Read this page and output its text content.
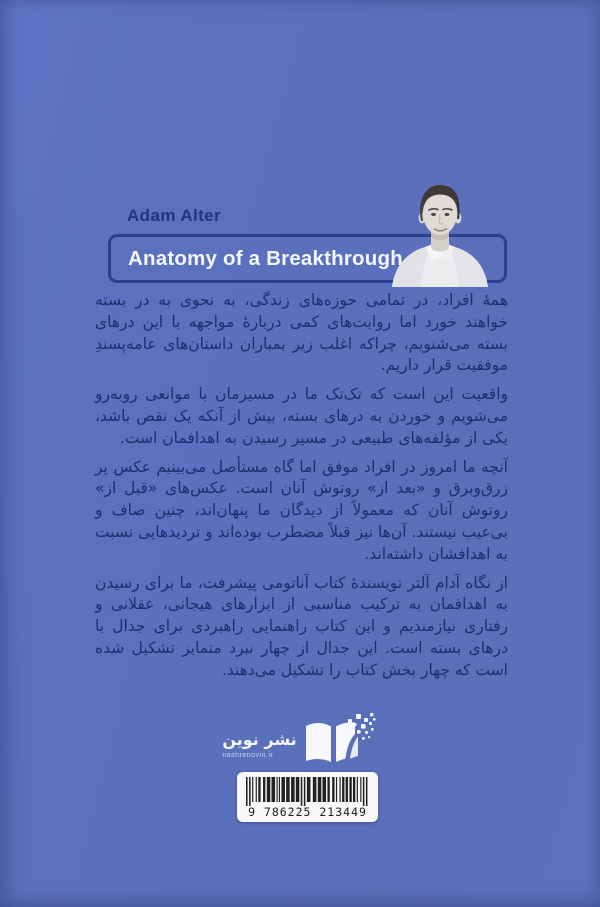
Adam Alter
Anatomy of a Breakthrough

همۀ افراد، در تمامی حوزه‌های زندگی، به نحوی به در بسته خواهند خورد اما روایت‌های کمی دربارۀ مواجهه با این درهای بسته می‌شنویم، چراکه اغلب زیر بمباران داستان‌های عامه‌پسندِ موفقیت قرار داریم.

واقعیت این است که تک‌تک ما در مسیرمان با موانعی روبه‌رو می‌شویم و خوردن به درهای بسته، بیش از آنکه یک نقص باشد، یکی از مؤلفه‌های طبیعی در مسیر رسیدن به اهدافمان است.

آنچه ما امروز در افراد موفق اما گاه مستأصل می‌بینیم عکس پر زرق‌وبرق و «بعد از» روتوش آنان است. عکس‌های «قبل از» روتوش آنان که معمولاً از دیدگان ما پنهان‌اند، چنین صاف و بی‌عیب نیستند. آن‌ها نیز قبلاً مضطرب بوده‌اند و تردیدهایی نسبت به اهدافشان داشته‌اند.

از نگاه آدام آلتر نویسندۀ کتاب آناتومی پیشرفت، ما برای رسیدن به اهدافمان به ترکیب مناسبی از ابزارهای هیجانی، عقلانی و رفتاری نیازمندیم و این کتاب راهنمایی راهبردی برای جدال با درهای بسته است. این جدال از چهار نبرد متمایز تشکیل شده است که چهار بخش کتاب را تشکیل می‌دهند.

نشر نوین
nashrenovin.ir
9 786225 213449
